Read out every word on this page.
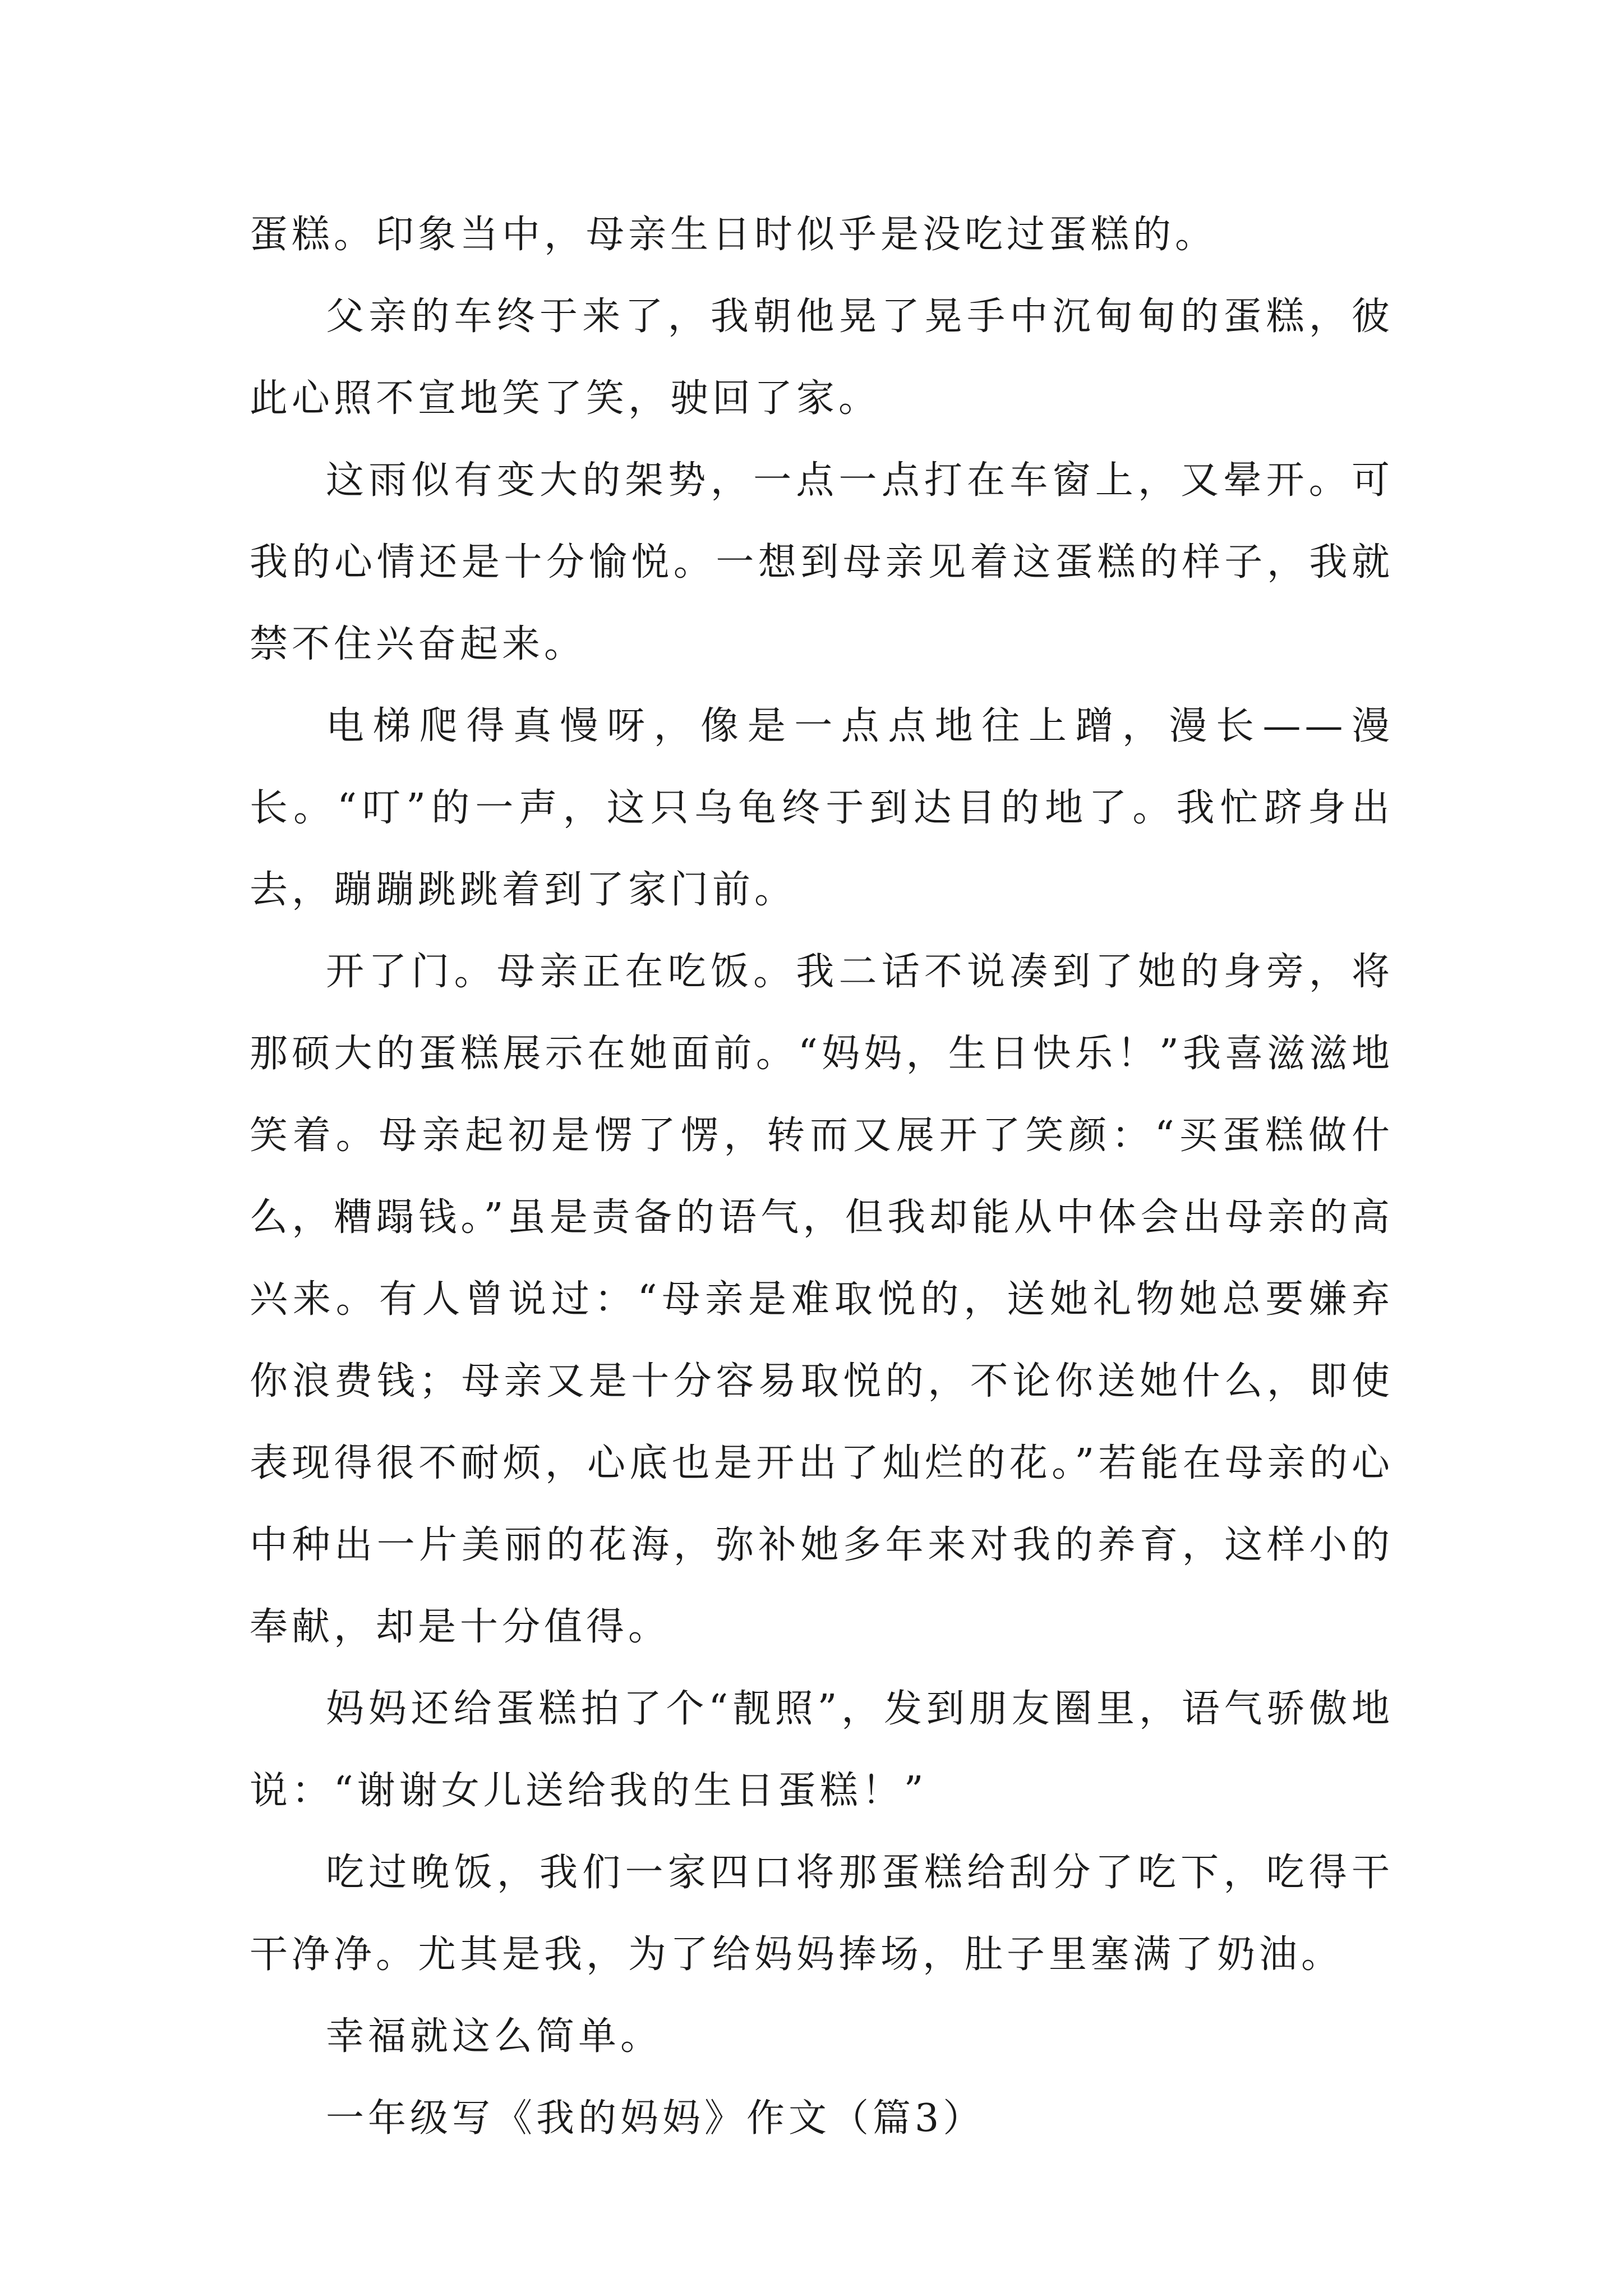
蛋糕。印象当中，母亲生日时似乎是没吃过蛋糕的。

父亲的车终于来了，我朝他晃了晃手中沉甸甸的蛋糕，彼此心照不宣地笑了笑，驶回了家。

这雨似有变大的架势，一点一点打在车窗上，又晕开。可我的心情还是十分愉悦。一想到母亲见着这蛋糕的样子，我就禁不住兴奋起来。

电梯爬得真慢呀，像是一点点地往上蹭，漫长——漫长。“叮”的一声，这只乌龟终于到达目的地了。我忙跻身出去，蹦蹦跳跳着到了家门前。

开了门。母亲正在吃饭。我二话不说凑到了她的身旁，将那硕大的蛋糕展示在她面前。“妈妈，生日快乐！”我喜滋滋地笑着。母亲起初是愣了愣，转而又展开了笑颜：“买蛋糕做什么，糟蹋钱。”虽是责备的语气，但我却能从中体会出母亲的高兴来。有人曾说过：“母亲是难取悦的，送她礼物她总要嫌弃你浪费钱；母亲又是十分容易取悦的，不论你送她什么，即使表现得很不耐烦，心底也是开出了灿烂的花。”若能在母亲的心中种出一片美丽的花海，弥补她多年来对我的养育，这样小的奉献，却是十分值得。

妈妈还给蛋糕拍了个“靓照”，发到朋友圈里，语气骄傲地说：“谢谢女儿送给我的生日蛋糕！”

吃过晚饭，我们一家四口将那蛋糕给刮分了吃下，吃得干干净净。尤其是我，为了给妈妈捧场，肚子里塞满了奶油。

幸福就这么简单。

一年级写《我的妈妈》作文（篇3）
